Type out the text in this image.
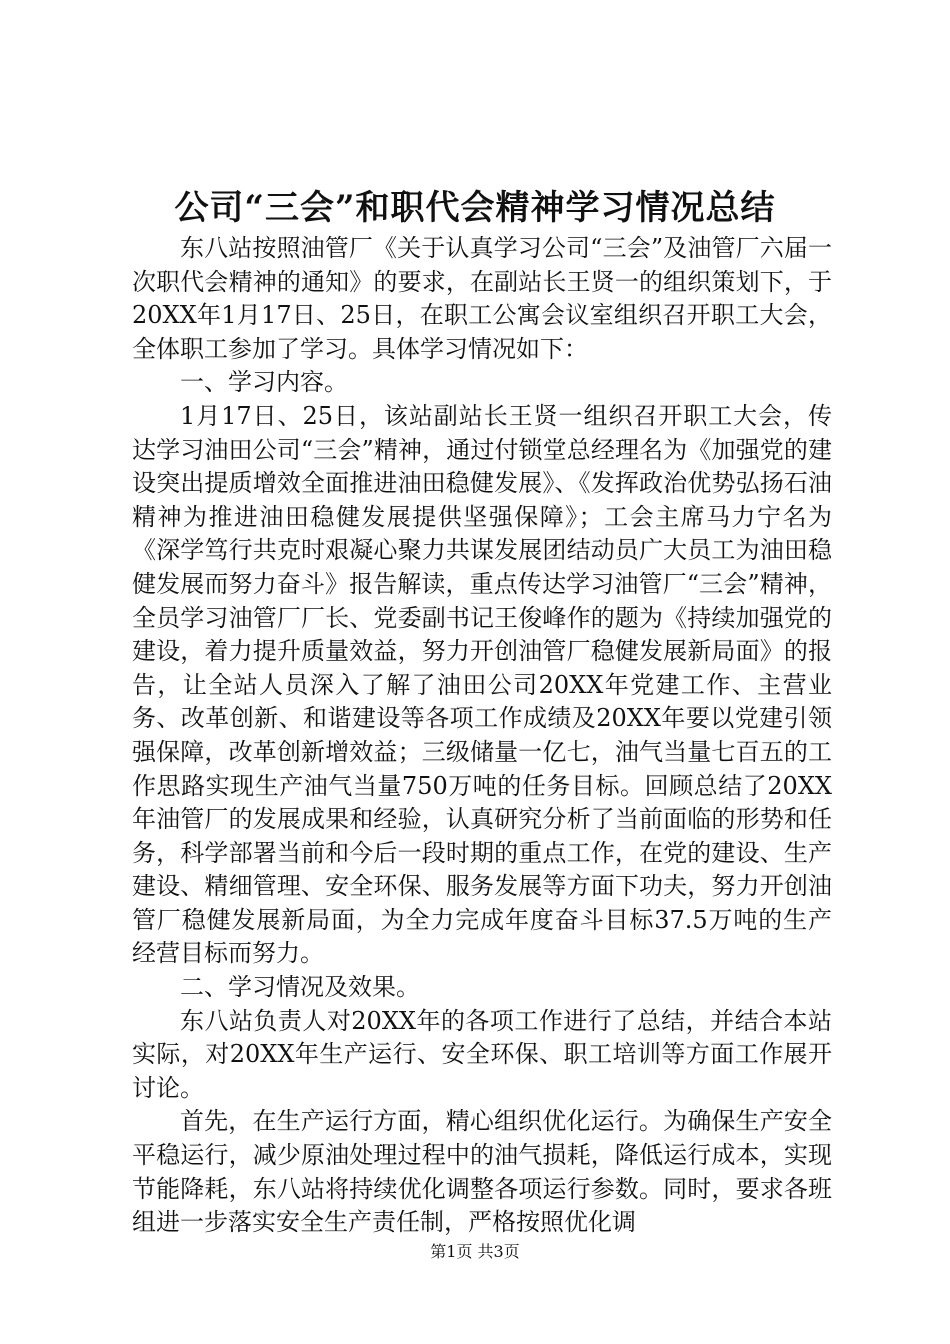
公司“三会”和职代会精神学习情况总结

东八站按照油管厂《关于认真学习公司“三会”及油管厂六届一次职代会精神的通知》的要求，在副站长王贤一的组织策划下，于20XX年1月17日、25日，在职工公寓会议室组织召开职工大会，全体职工参加了学习。具体学习情况如下：

一、学习内容。

1月17日、25日，该站副站长王贤一组织召开职工大会，传达学习油田公司“三会”精神，通过付锁堂总经理名为《加强党的建设突出提质增效全面推进油田稳健发展》、《发挥政治优势弘扬石油精神为推进油田稳健发展提供坚强保障》；工会主席马力宁名为《深学笃行共克时艰凝心聚力共谋发展团结动员广大员工为油田稳健发展而努力奋斗》报告解读，重点传达学习油管厂“三会”精神，全员学习油管厂厂长、党委副书记王俊峰作的题为《持续加强党的建设，着力提升质量效益，努力开创油管厂稳健发展新局面》的报告，让全站人员深入了解了油田公司20XX年党建工作、主营业务、改革创新、和谐建设等各项工作成绩及20XX年要以党建引领强保障，改革创新增效益；三级储量一亿七，油气当量七百五的工作思路实现生产油气当量750万吨的任务目标。回顾总结了20XX年油管厂的发展成果和经验，认真研究分析了当前面临的形势和任务，科学部署当前和今后一段时期的重点工作，在党的建设、生产建设、精细管理、安全环保、服务发展等方面下功夫，努力开创油管厂稳健发展新局面，为全力完成年度奋斗目标37.5万吨的生产经营目标而努力。

二、学习情况及效果。

东八站负责人对20XX年的各项工作进行了总结，并结合本站实际，对20XX年生产运行、安全环保、职工培训等方面工作展开讨论。

首先，在生产运行方面，精心组织优化运行。为确保生产安全平稳运行，减少原油处理过程中的油气损耗，降低运行成本，实现节能降耗，东八站将持续优化调整各项运行参数。同时，要求各班组进一步落实安全生产责任制，严格按照优化调

第1页 共3页
